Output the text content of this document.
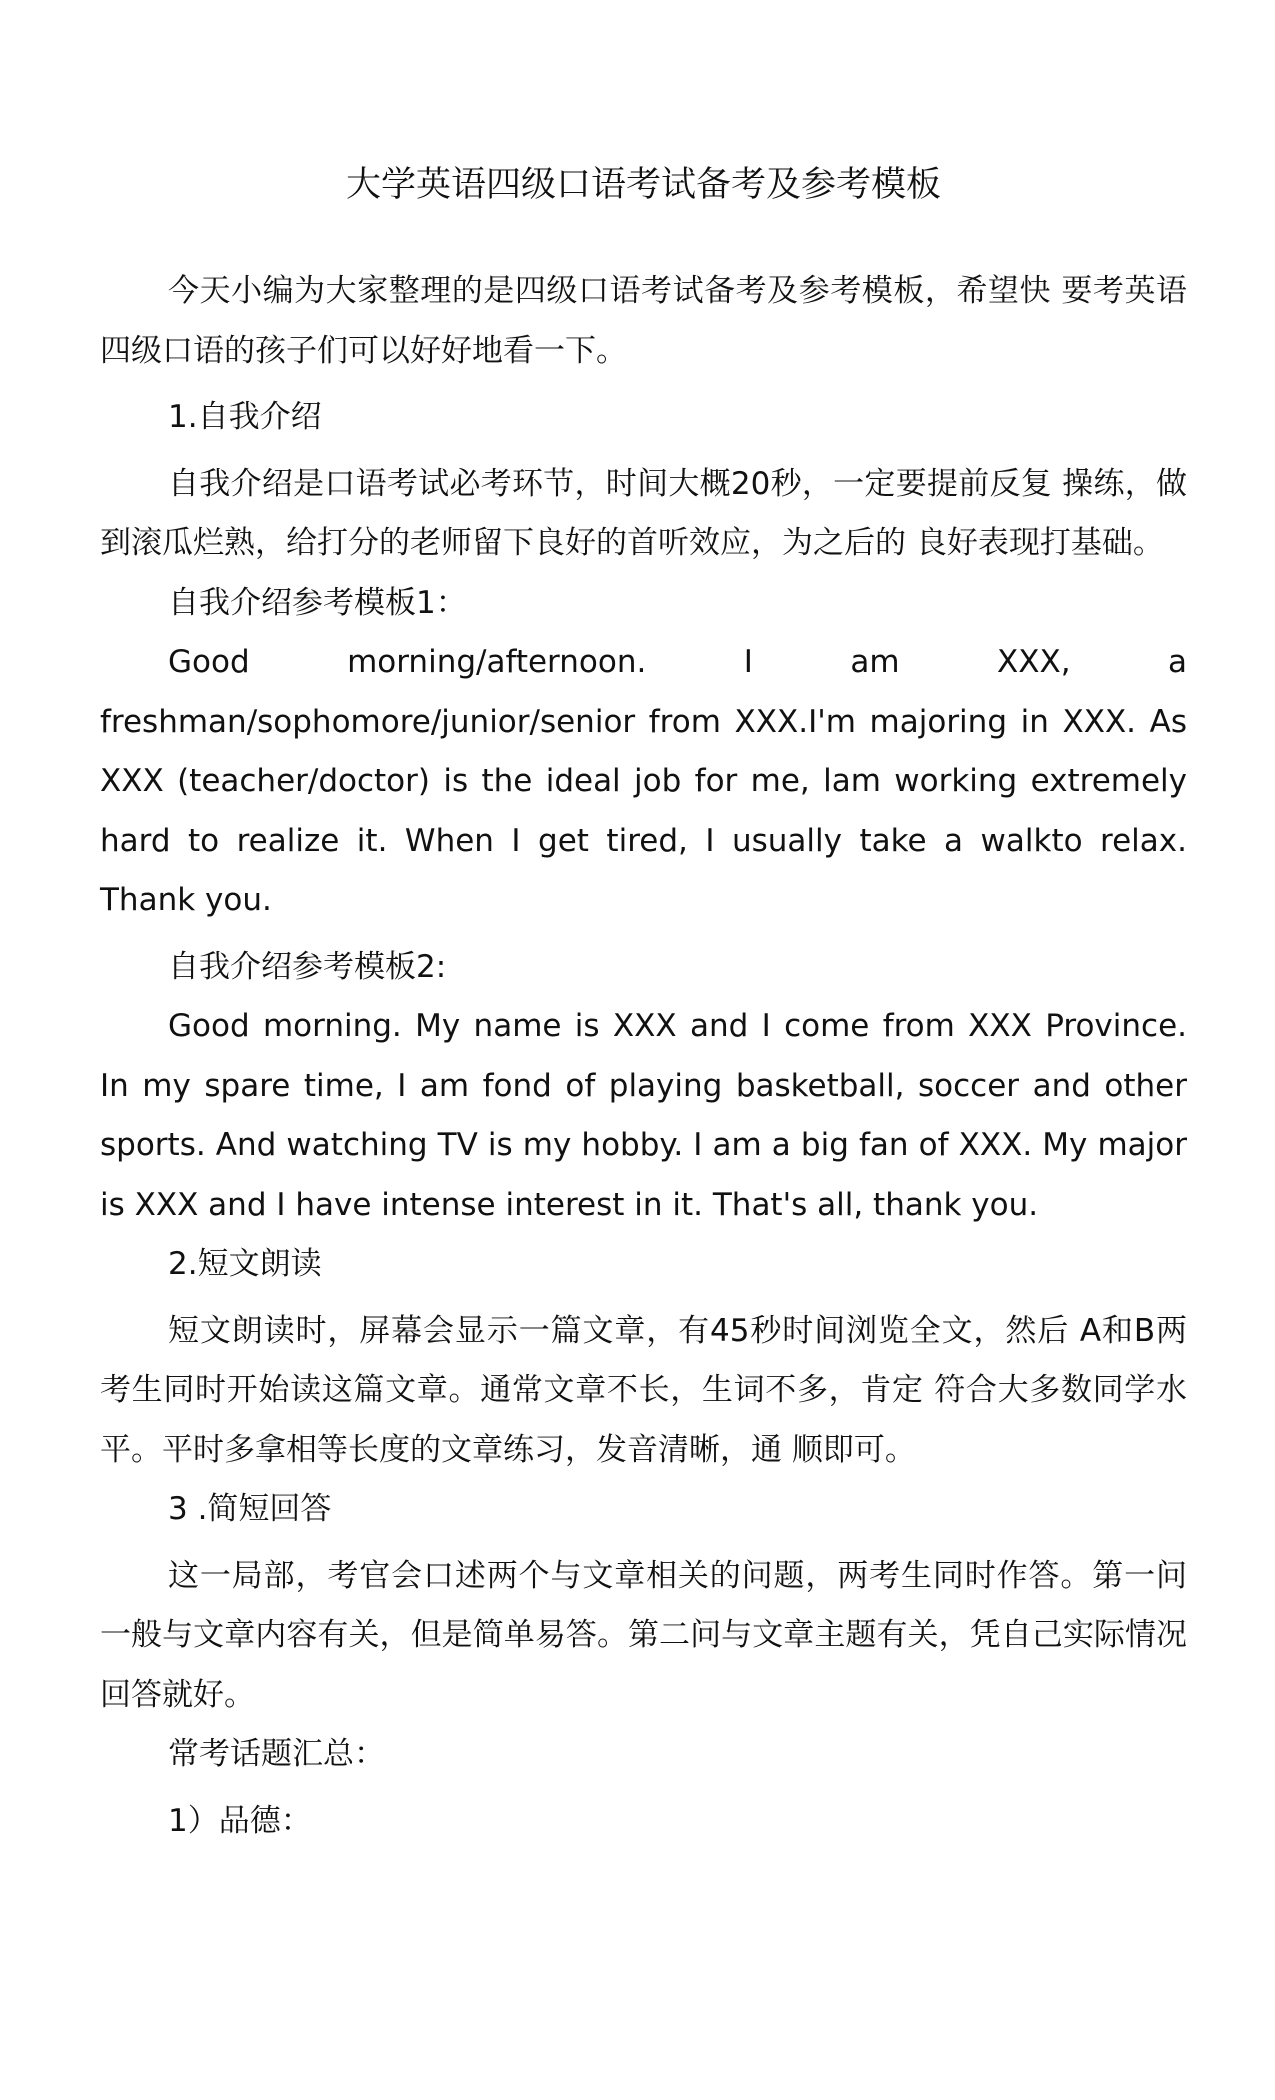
大学英语四级口语考试备考及参考模板

今天小编为大家整理的是四级口语考试备考及参考模板，希望快 要考英语四级口语的孩子们可以好好地看一下。

1.自我介绍

自我介绍是口语考试必考环节，时间大概20秒，一定要提前反复 操练，做到滚瓜烂熟，给打分的老师留下良好的首听效应，为之后的 良好表现打基础。

自我介绍参考模板1：

Good morning/afternoon. I am XXX, a freshman/sophomore/junior/senior from XXX.I'm majoring in XXX. As XXX (teacher/doctor) is the ideal job for me, lam working extremely hard to realize it. When I get tired, I usually take a walkto relax. Thank you.

自我介绍参考模板2:

Good morning. My name is XXX and I come from XXX Province. In my spare time, I am fond of playing basketball, soccer and other sports. And watching TV is my hobby. I am a big fan of XXX. My major is XXX and I have intense interest in it. That's all, thank you.

2.短文朗读

短文朗读时，屏幕会显示一篇文章，有45秒时间浏览全文，然后 A和B两考生同时开始读这篇文章。通常文章不长，生词不多，肯定 符合大多数同学水平。平时多拿相等长度的文章练习，发音清晰，通 顺即可。

3 .简短回答

这一局部，考官会口述两个与文章相关的问题，两考生同时作答。第一问一般与文章内容有关，但是简单易答。第二问与文章主题有关，凭自己实际情况回答就好。

常考话题汇总：

1）品德：
